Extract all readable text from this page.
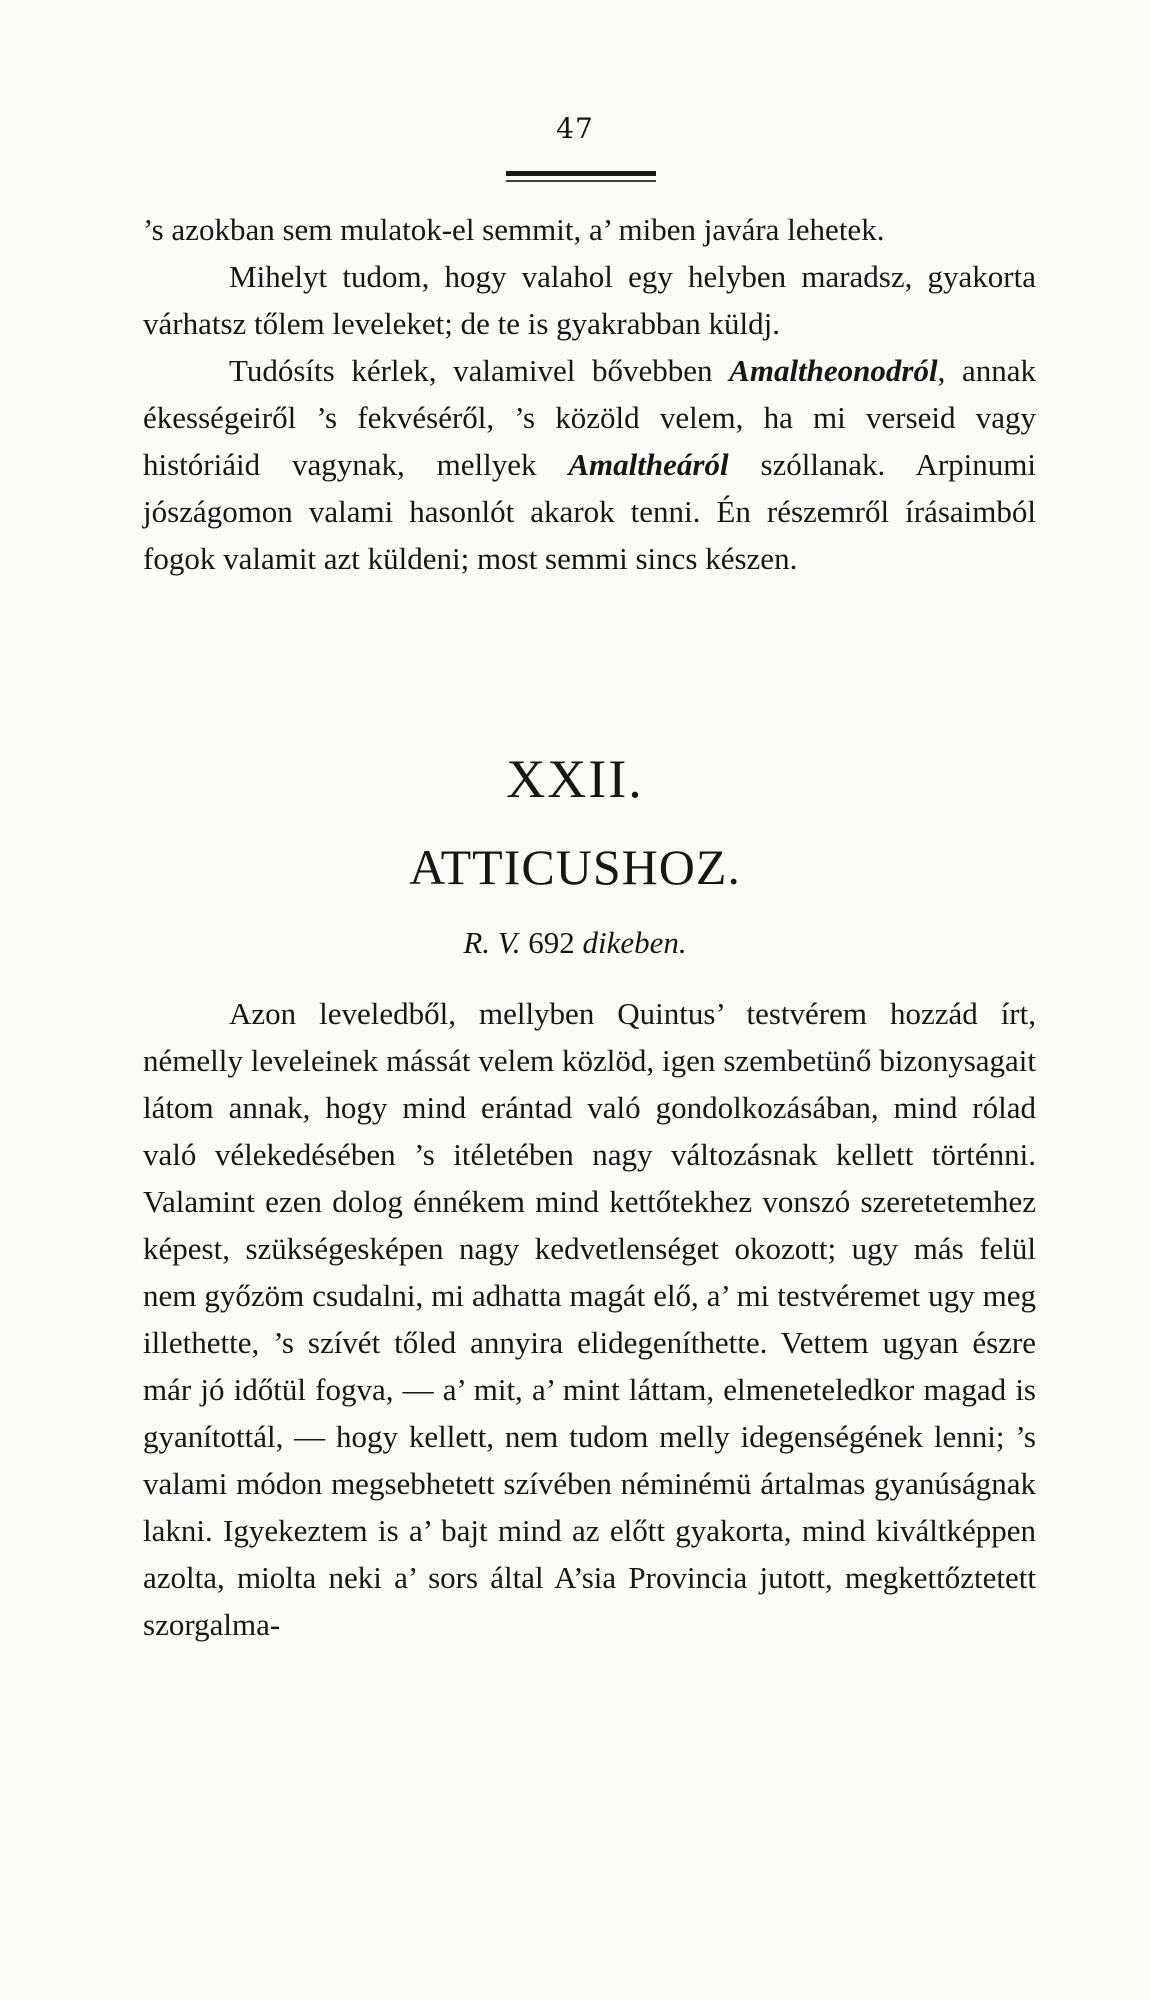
47

’s azokban sem mulatok-el semmit, a’ miben javára lehetek.

Mihelyt tudom, hogy valahol egy helyben maradsz, gyakorta várhatsz tőlem leveleket; de te is gyakrabban küldj.

Tudósíts kérlek, valamivel bővebben Amaltheonodról, annak ékességeiről ’s fekvéséről, ’s közöld velem, ha mi verseid vagy históriáid vagynak, mellyek Amaltheáról szóllanak. Arpinumi jószágomon valami hasonlót akarok tenni. Én részemről írásaimból fogok valamit azt küldeni; most semmi sincs készen.

XXII.
ATTICUSHOZ.
R. V. 692 dikeben.

Azon leveledből, mellyben Quintus’ testvérem hozzád írt, némelly leveleinek mássát velem közlöd, igen szembetünő bizonysagait látom annak, hogy mind erántad való gondolkozásában, mind rólad való vélekedésében ’s itéletében nagy változásnak kellett történni. Valamint ezen dolog énnékem mind kettőtekhez vonszó szeretetemhez képest, szükségesképen nagy kedvetlenséget okozott; ugy más felül nem győzöm csudalni, mi adhatta magát elő, a’ mi testvéremet ugy meg illethette, ’s szívét tőled annyira elidegeníthette. Vettem ugyan észre már jó időtül fogva, — a’ mit, a’ mint láttam, elmeneteledkor magad is gyanítottál, — hogy kellett, nem tudom melly idegenségének lenni; ’s valami módon megsebhetett szívében néminémü ártalmas gyanúságnak lakni. Igyekeztem is a’ bajt mind az előtt gyakorta, mind kiváltképpen azolta, miolta neki a’ sors által A’sia Provincia jutott, megkettőztetett szorgalma-
